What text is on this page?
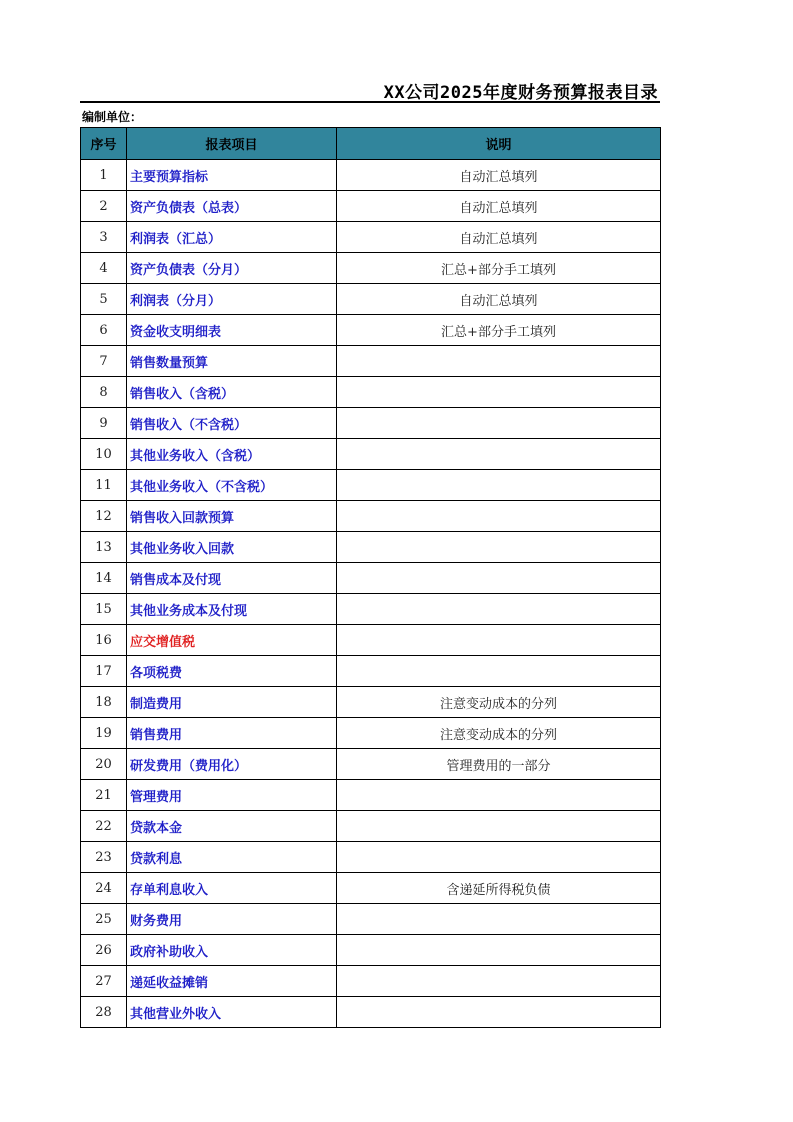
XX公司2025年度财务预算报表目录
编制单位：
序号	报表项目	说明
1	主要预算指标	自动汇总填列
2	资产负债表（总表）	自动汇总填列
3	利润表（汇总）	自动汇总填列
4	资产负债表（分月）	汇总+部分手工填列
5	利润表（分月）	自动汇总填列
6	资金收支明细表	汇总+部分手工填列
7	销售数量预算	
8	销售收入（含税）	
9	销售收入（不含税）	
10	其他业务收入（含税）	
11	其他业务收入（不含税）	
12	销售收入回款预算	
13	其他业务收入回款	
14	销售成本及付现	
15	其他业务成本及付现	
16	应交增值税	
17	各项税费	
18	制造费用	注意变动成本的分列
19	销售费用	注意变动成本的分列
20	研发费用（费用化）	管理费用的一部分
21	管理费用	
22	贷款本金	
23	贷款利息	
24	存单利息收入	含递延所得税负债
25	财务费用	
26	政府补助收入	
27	递延收益摊销	
28	其他营业外收入	
